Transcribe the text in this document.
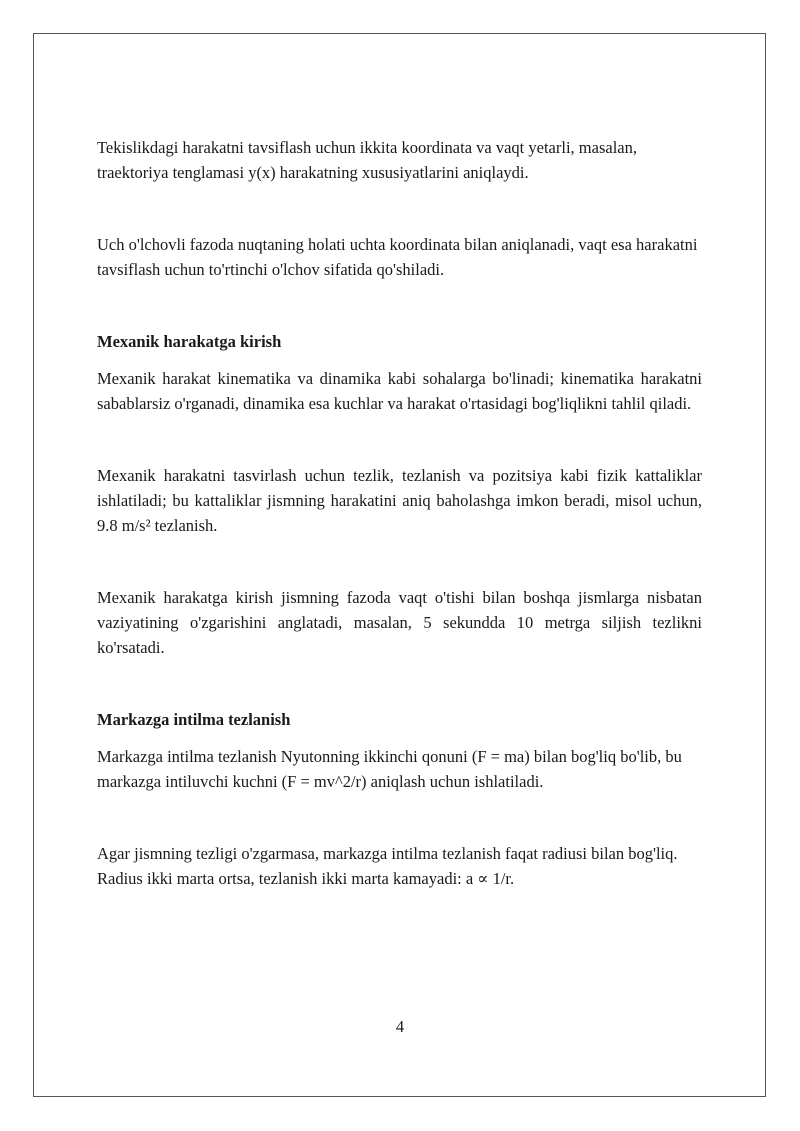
Tekislikdagi harakatni tavsiflash uchun ikkita koordinata va vaqt yetarli, masalan, traektoriya tenglamasi y(x) harakatning xususiyatlarini aniqlaydi.

Uch o'lchovli fazoda nuqtaning holati uchta koordinata bilan aniqlanadi, vaqt esa harakatni tavsiflash uchun to'rtinchi o'lchov sifatida qo'shiladi.

Mexanik harakatga kirish

Mexanik harakat kinematika va dinamika kabi sohalarga bo'linadi; kinematika harakatni sabablarsiz o'rganadi, dinamika esa kuchlar va harakat o'rtasidagi bog'liqlikni tahlil qiladi.

Mexanik harakatni tasvirlash uchun tezlik, tezlanish va pozitsiya kabi fizik kattaliklar ishlatiladi; bu kattaliklar jismning harakatini aniq baholashga imkon beradi, misol uchun, 9.8 m/s² tezlanish.

Mexanik harakatga kirish jismning fazoda vaqt o'tishi bilan boshqa jismlarga nisbatan vaziyatining o'zgarishini anglatadi, masalan, 5 sekundda 10 metrga siljish tezlikni ko'rsatadi.

Markazga intilma tezlanish

Markazga intilma tezlanish Nyutonning ikkinchi qonuni (F = ma) bilan bog'liq bo'lib, bu markazga intiluvchi kuchni (F = mv^2/r) aniqlash uchun ishlatiladi.

Agar jismning tezligi o'zgarmasa, markazga intilma tezlanish faqat radiusi bilan bog'liq. Radius ikki marta ortsa, tezlanish ikki marta kamayadi: a ∝ 1/r.

4
